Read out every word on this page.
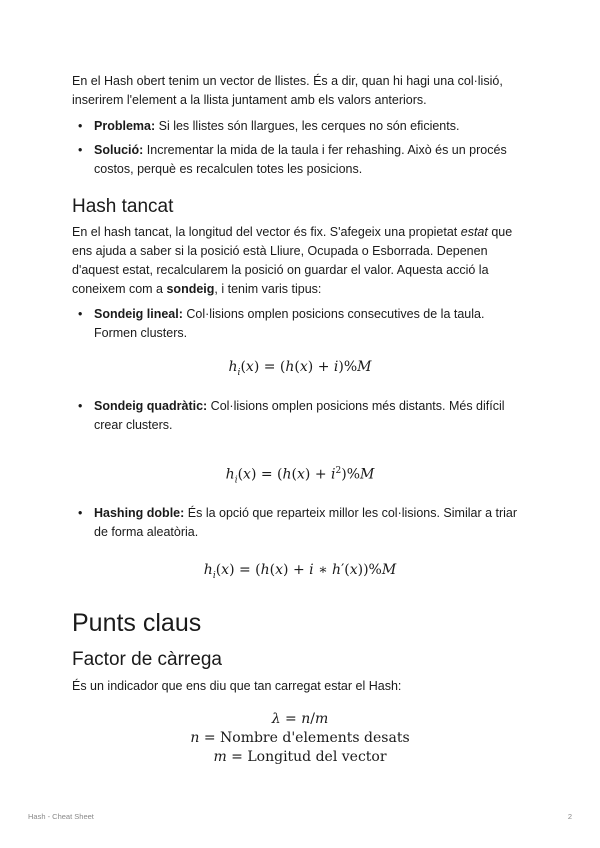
En el Hash obert tenim un vector de llistes. És a dir, quan hi hagi una col·lisió, inserirem l'element a la llista juntament amb els valors anteriors.

• Problema: Si les llistes són llargues, les cerques no són eficients.
• Solució: Incrementar la mida de la taula i fer rehashing. Això és un procés costos, perquè es recalculen totes les posicions.
Hash tancat

En el hash tancat, la longitud del vector és fix. S'afegeix una propietat estat que ens ajuda a saber si la posició està Lliure, Ocupada o Esborrada. Depenen d'aquest estat, recalcularem la posició on guardar el valor. Aquesta acció la coneixem com a sondeig, i tenim varis tipus:

• Sondeig lineal: Col·lisions omplen posicions consecutives de la taula. Formen clusters.
$h_i(x) = (h(x) + i)\%M$
• Sondeig quadràtic: Col·lisions omplen posicions més distants. Més difícil crear clusters.
$h_i(x) = (h(x) + i^2)\%M$
• Hashing doble: És la opció que reparteix millor les col·lisions. Similar a triar de forma aleatòria.
$h_i(x) = (h(x) + i$ ∗ h′(x))%M
Punts claus
Factor de càrrega

És un indicador que ens diu que tan carregat estar el Hash:

λ = n/m
n = Nombre d'elements desats
m = Longitud del vector
Hash - Cheat Sheet	2
